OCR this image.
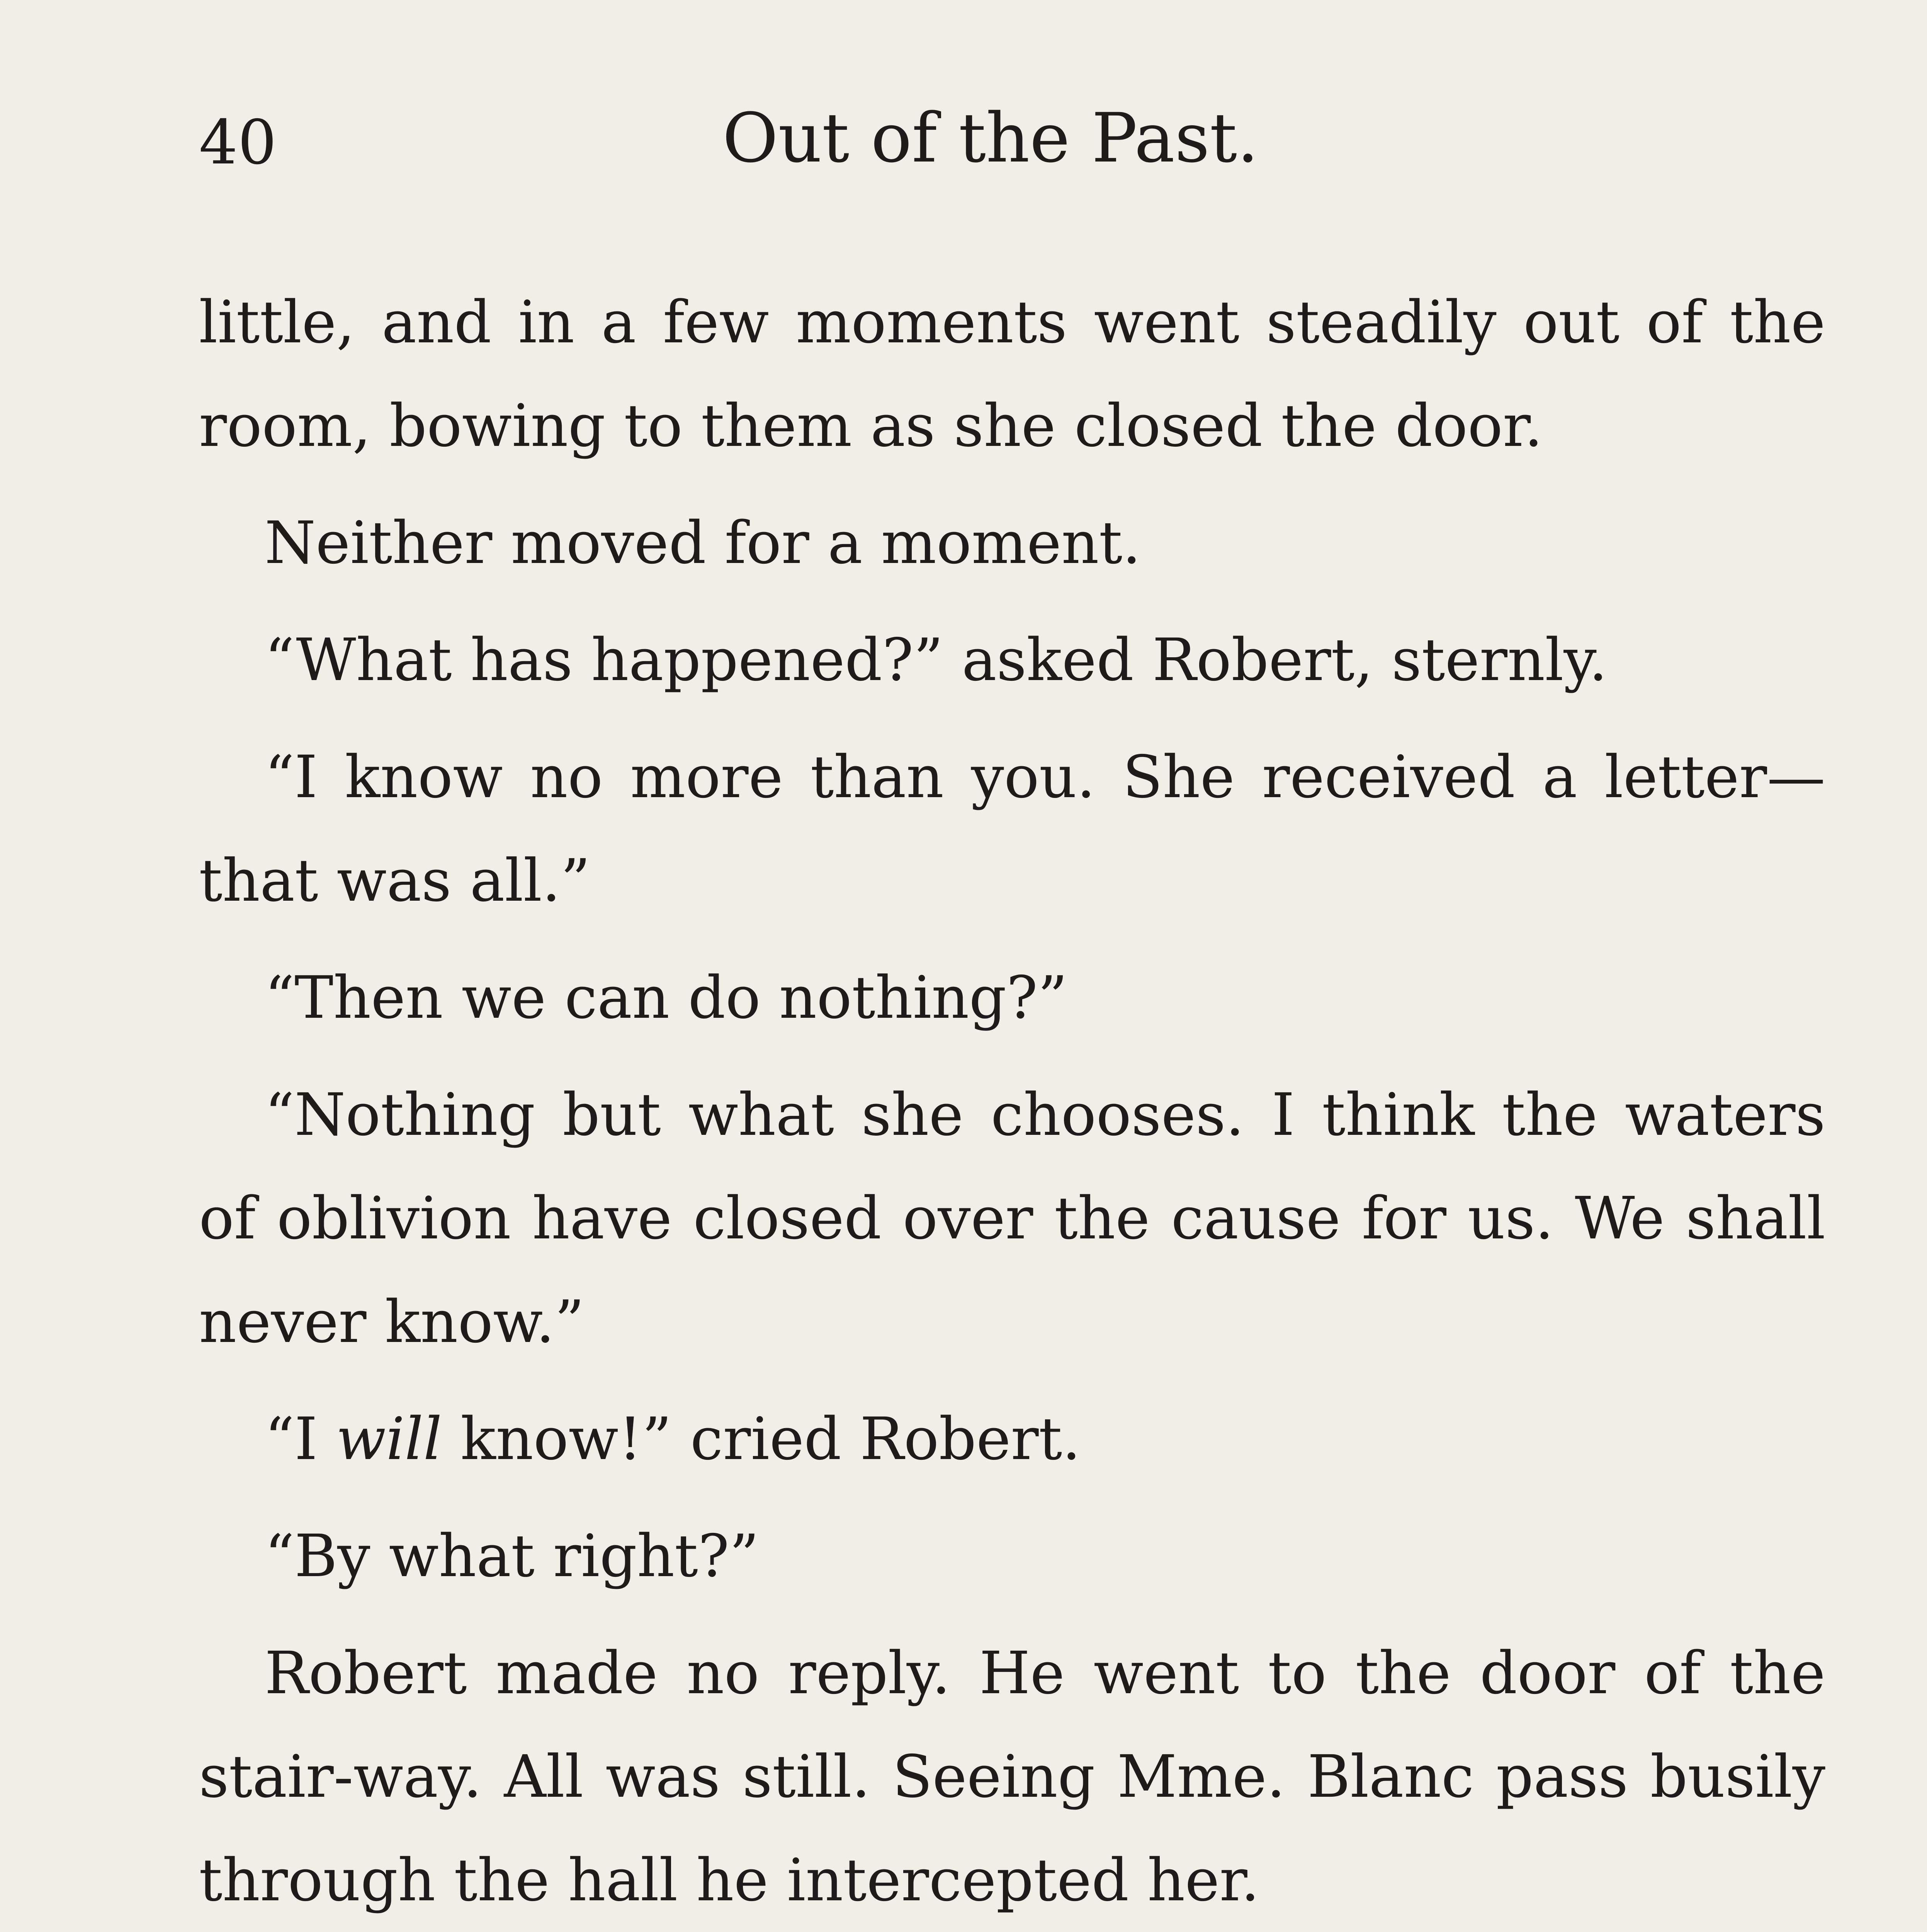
40	Out of the Past.

little, and in a few moments went steadily out of the room, bowing to them as she closed the door.

Neither moved for a moment.

“What has happened?” asked Robert, sternly.

“I know no more than you. She received a letter— that was all.”

“Then we can do nothing?”

“Nothing but what she chooses. I think the waters of oblivion have closed over the cause for us. We shall never know.”

“I will know!” cried Robert.

“By what right?”

Robert made no reply. He went to the door of the stair-way. All was still. Seeing Mme. Blanc pass busily through the hall he intercepted her.
